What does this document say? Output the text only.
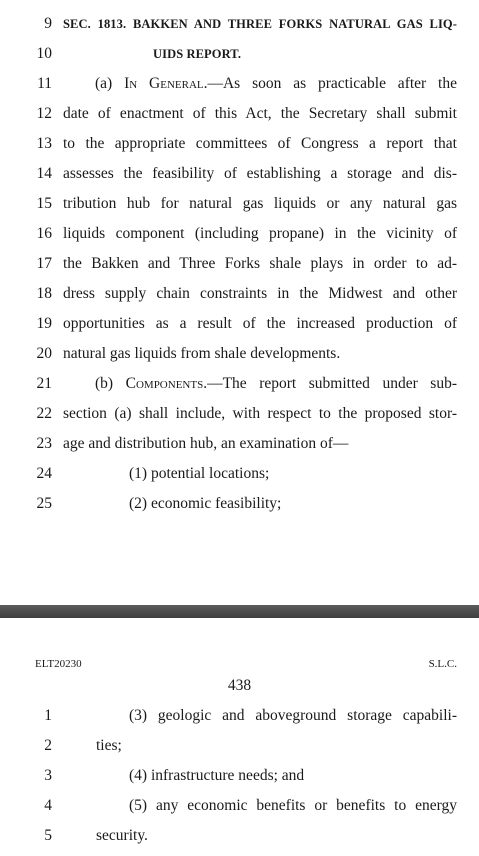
9 SEC. 1813. BAKKEN AND THREE FORKS NATURAL GAS LIQ-
10	UIDS REPORT.
11	(a) In General.—As soon as practicable after the
12 date of enactment of this Act, the Secretary shall submit
13 to the appropriate committees of Congress a report that
14 assesses the feasibility of establishing a storage and dis-
15 tribution hub for natural gas liquids or any natural gas
16 liquids component (including propane) in the vicinity of
17 the Bakken and Three Forks shale plays in order to ad-
18 dress supply chain constraints in the Midwest and other
19 opportunities as a result of the increased production of
20 natural gas liquids from shale developments.
21	(b) Components.—The report submitted under sub-
22 section (a) shall include, with respect to the proposed stor-
23 age and distribution hub, an examination of—
24	(1) potential locations;
25	(2) economic feasibility;
ELT20230	S.L.C.
438
1	(3) geologic and aboveground storage capabili-
2	ties;
3	(4) infrastructure needs; and
4	(5) any economic benefits or benefits to energy
5	security.
